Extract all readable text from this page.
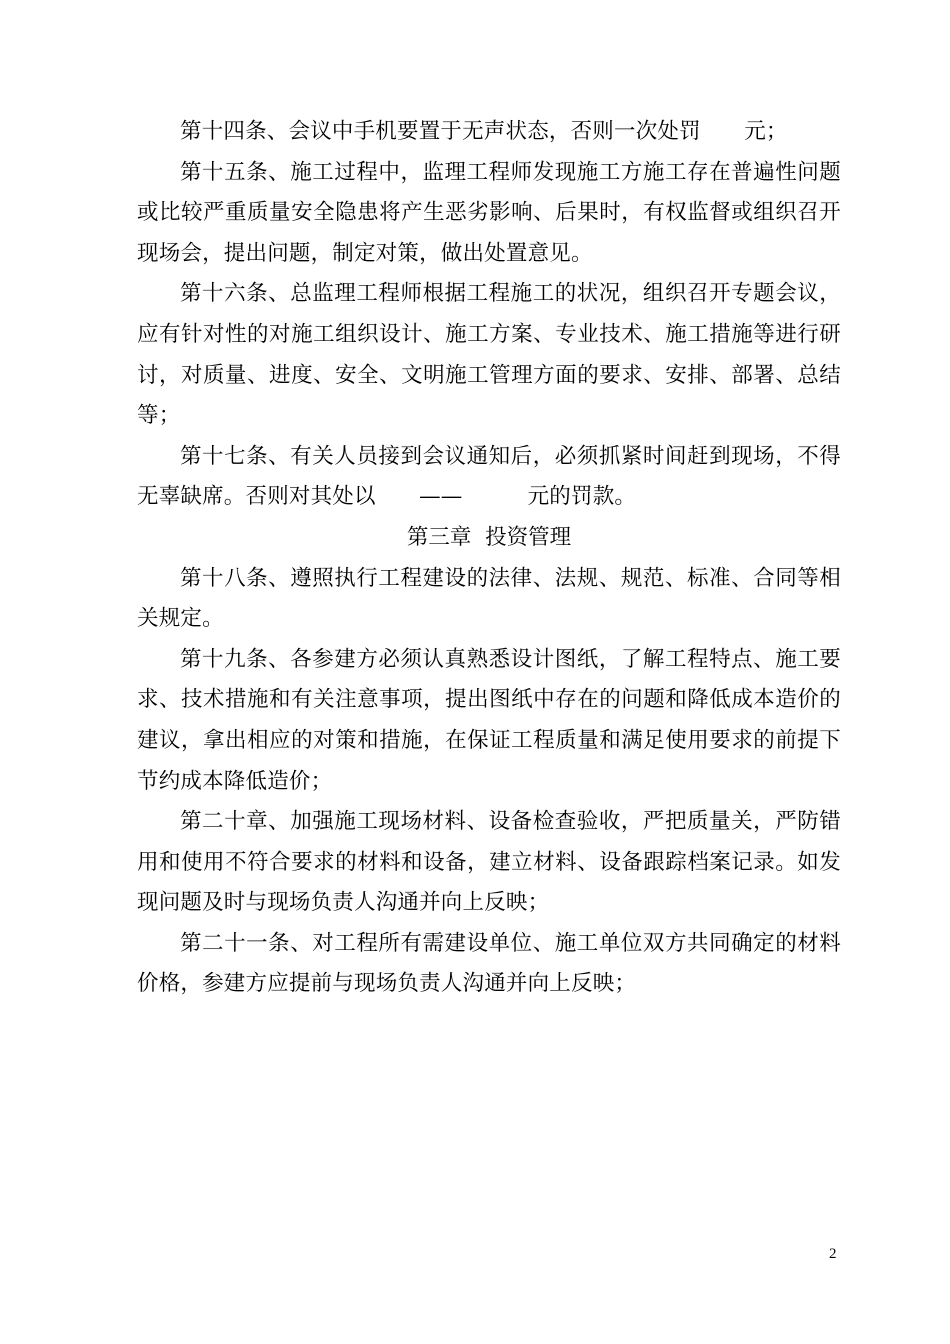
第十四条、会议中手机要置于无声状态，否则一次处罚　　元；

第十五条、施工过程中，监理工程师发现施工方施工存在普遍性问题或比较严重质量安全隐患将产生恶劣影响、后果时，有权监督或组织召开现场会，提出问题，制定对策，做出处置意见。

第十六条、总监理工程师根据工程施工的状况，组织召开专题会议，应有针对性的对施工组织设计、施工方案、专业技术、施工措施等进行研讨，对质量、进度、安全、文明施工管理方面的要求、安排、部署、总结等；

第十七条、有关人员接到会议通知后，必须抓紧时间赶到现场，不得无辜缺席。否则对其处以　　——　　　元的罚款。

第三章  投资管理

第十八条、遵照执行工程建设的法律、法规、规范、标准、合同等相关规定。

第十九条、各参建方必须认真熟悉设计图纸，了解工程特点、施工要求、技术措施和有关注意事项，提出图纸中存在的问题和降低成本造价的建议，拿出相应的对策和措施，在保证工程质量和满足使用要求的前提下节约成本降低造价；

第二十章、加强施工现场材料、设备检查验收，严把质量关，严防错用和使用不符合要求的材料和设备，建立材料、设备跟踪档案记录。如发现问题及时与现场负责人沟通并向上反映；

第二十一条、对工程所有需建设单位、施工单位双方共同确定的材料价格，参建方应提前与现场负责人沟通并向上反映；

2
